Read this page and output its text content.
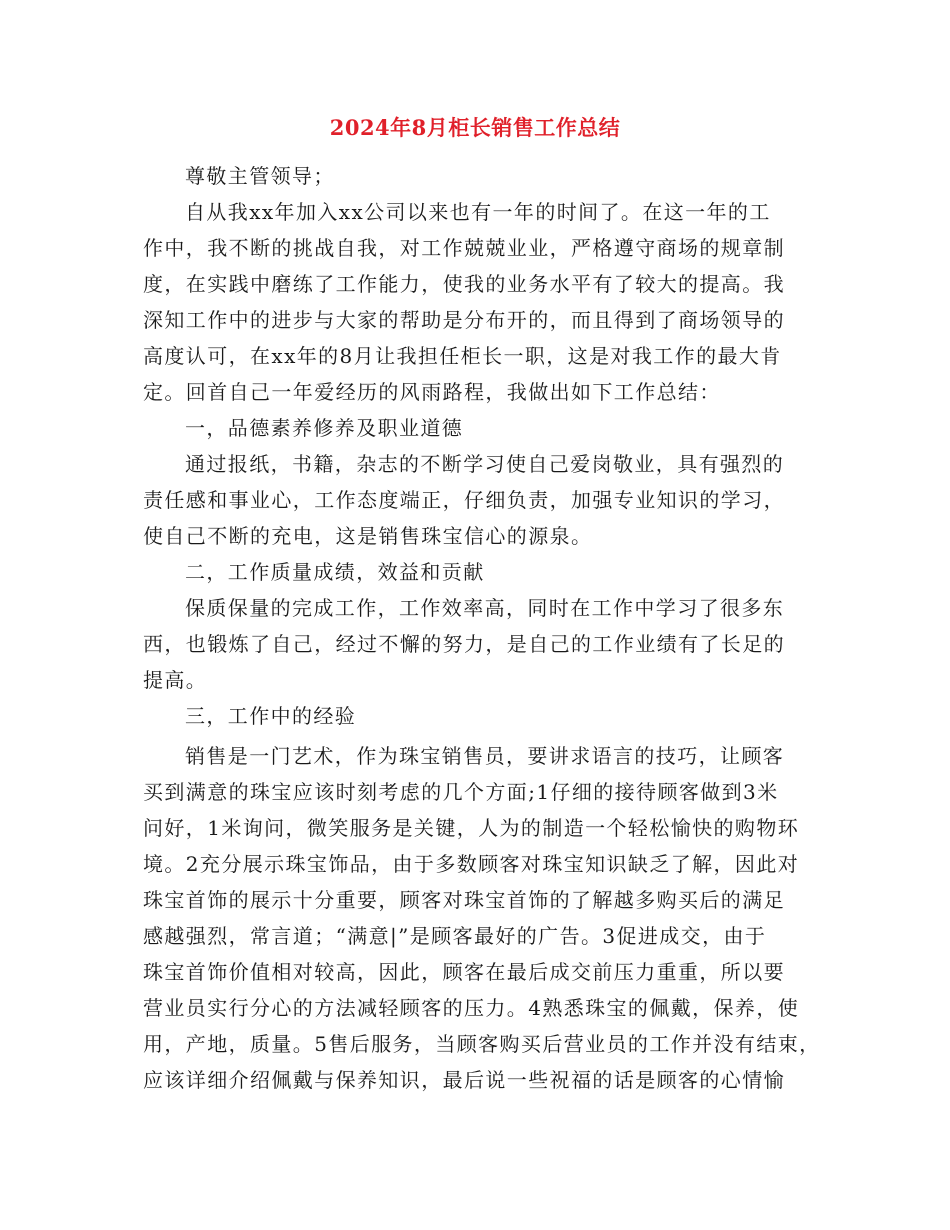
2024年8月柜长销售工作总结
尊敬主管领导；
自从我xx年加入xx公司以来也有一年的时间了。在这一年的工
作中，我不断的挑战自我，对工作兢兢业业，严格遵守商场的规章制
度，在实践中磨练了工作能力，使我的业务水平有了较大的提高。我
深知工作中的进步与大家的帮助是分布开的，而且得到了商场领导的
高度认可，在xx年的8月让我担任柜长一职，这是对我工作的最大肯
定。回首自己一年爱经历的风雨路程，我做出如下工作总结：
一，品德素养修养及职业道德
通过报纸，书籍，杂志的不断学习使自己爱岗敬业，具有强烈的
责任感和事业心，工作态度端正，仔细负责，加强专业知识的学习，
使自己不断的充电，这是销售珠宝信心的源泉。
二，工作质量成绩，效益和贡献
保质保量的完成工作，工作效率高，同时在工作中学习了很多东
西，也锻炼了自己，经过不懈的努力，是自己的工作业绩有了长足的
提高。
三，工作中的经验
销售是一门艺术，作为珠宝销售员，要讲求语言的技巧，让顾客
买到满意的珠宝应该时刻考虑的几个方面;1仔细的接待顾客做到3米
问好，1米询问，微笑服务是关键，人为的制造一个轻松愉快的购物环
境。2充分展示珠宝饰品，由于多数顾客对珠宝知识缺乏了解，因此对
珠宝首饰的展示十分重要，顾客对珠宝首饰的了解越多购买后的满足
感越强烈，常言道；“满意|”是顾客最好的广告。3促进成交，由于
珠宝首饰价值相对较高，因此，顾客在最后成交前压力重重，所以要
营业员实行分心的方法减轻顾客的压力。4熟悉珠宝的佩戴，保养，使
用，产地，质量。5售后服务，当顾客购买后营业员的工作并没有结束，
应该详细介绍佩戴与保养知识，最后说一些祝福的话是顾客的心情愉
